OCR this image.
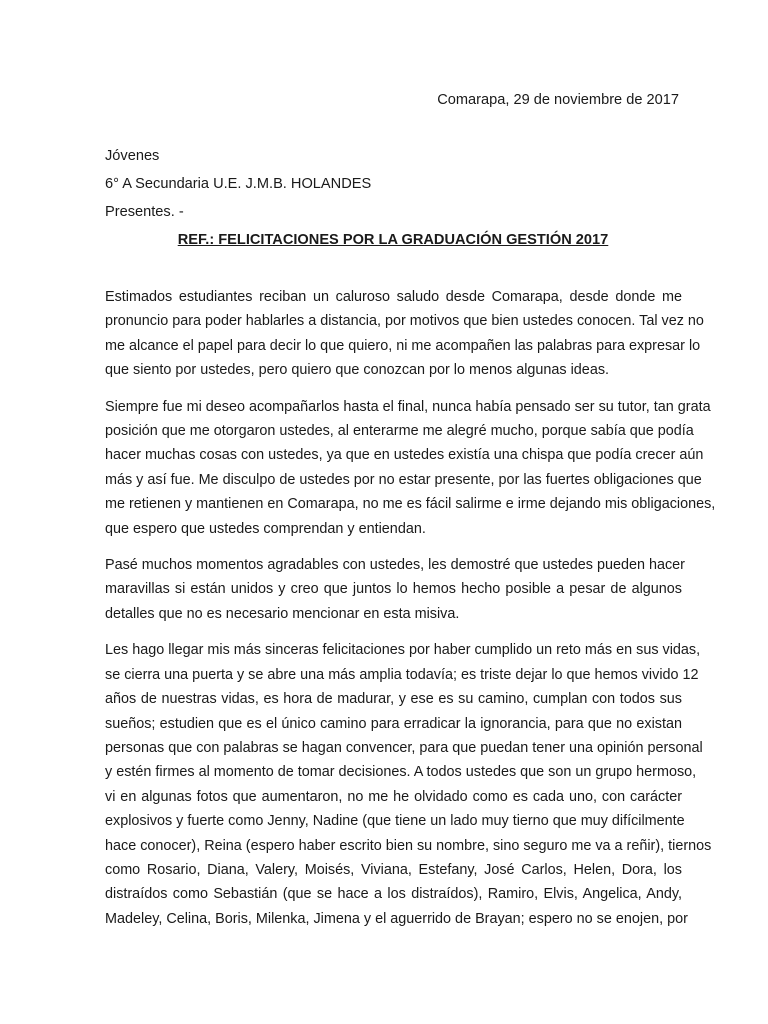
Comarapa, 29 de noviembre de 2017
Jóvenes
6° A Secundaria U.E. J.M.B. HOLANDES
Presentes. -
REF.: FELICITACIONES POR LA GRADUACIÓN GESTIÓN 2017
Estimados estudiantes reciban un caluroso saludo desde Comarapa, desde donde me
pronuncio para poder hablarles a distancia, por motivos que bien ustedes conocen. Tal vez no
me alcance el papel para decir lo que quiero, ni me acompañen las palabras para expresar lo
que siento por ustedes, pero quiero que conozcan por lo menos algunas ideas.
Siempre fue mi deseo acompañarlos hasta el final, nunca había pensado ser su tutor, tan grata
posición que me otorgaron ustedes, al enterarme me alegré mucho, porque sabía que podía
hacer muchas cosas con ustedes, ya que en ustedes existía una chispa que podía crecer aún
más y así fue. Me disculpo de ustedes por no estar presente, por las fuertes obligaciones que
me retienen y mantienen en Comarapa, no me es fácil salirme e irme dejando mis obligaciones,
que espero que ustedes comprendan y entiendan.
Pasé muchos momentos agradables con ustedes, les demostré que ustedes pueden hacer
maravillas si están unidos y creo que juntos lo hemos hecho posible a pesar de algunos
detalles que no es necesario mencionar en esta misiva.
Les hago llegar mis más sinceras felicitaciones por haber cumplido un reto más en sus vidas,
se cierra una puerta y se abre una más amplia todavía; es triste dejar lo que hemos vivido 12
años de nuestras vidas, es hora de madurar, y ese es su camino, cumplan con todos sus
sueños; estudien que es el único camino para erradicar la ignorancia, para que no existan
personas que con palabras se hagan convencer, para que puedan tener una opinión personal
y estén firmes al momento de tomar decisiones. A todos ustedes que son un grupo hermoso,
vi en algunas fotos que aumentaron, no me he olvidado como es cada uno, con carácter
explosivos y fuerte como Jenny, Nadine (que tiene un lado muy tierno que muy difícilmente
hace conocer), Reina (espero haber escrito bien su nombre, sino seguro me va a reñir), tiernos
como Rosario, Diana, Valery, Moisés, Viviana, Estefany, José Carlos, Helen, Dora, los
distraídos como Sebastián (que se hace a los distraídos), Ramiro, Elvis, Angelica, Andy,
Madeley, Celina, Boris, Milenka, Jimena y el aguerrido de Brayan; espero no se enojen, por
